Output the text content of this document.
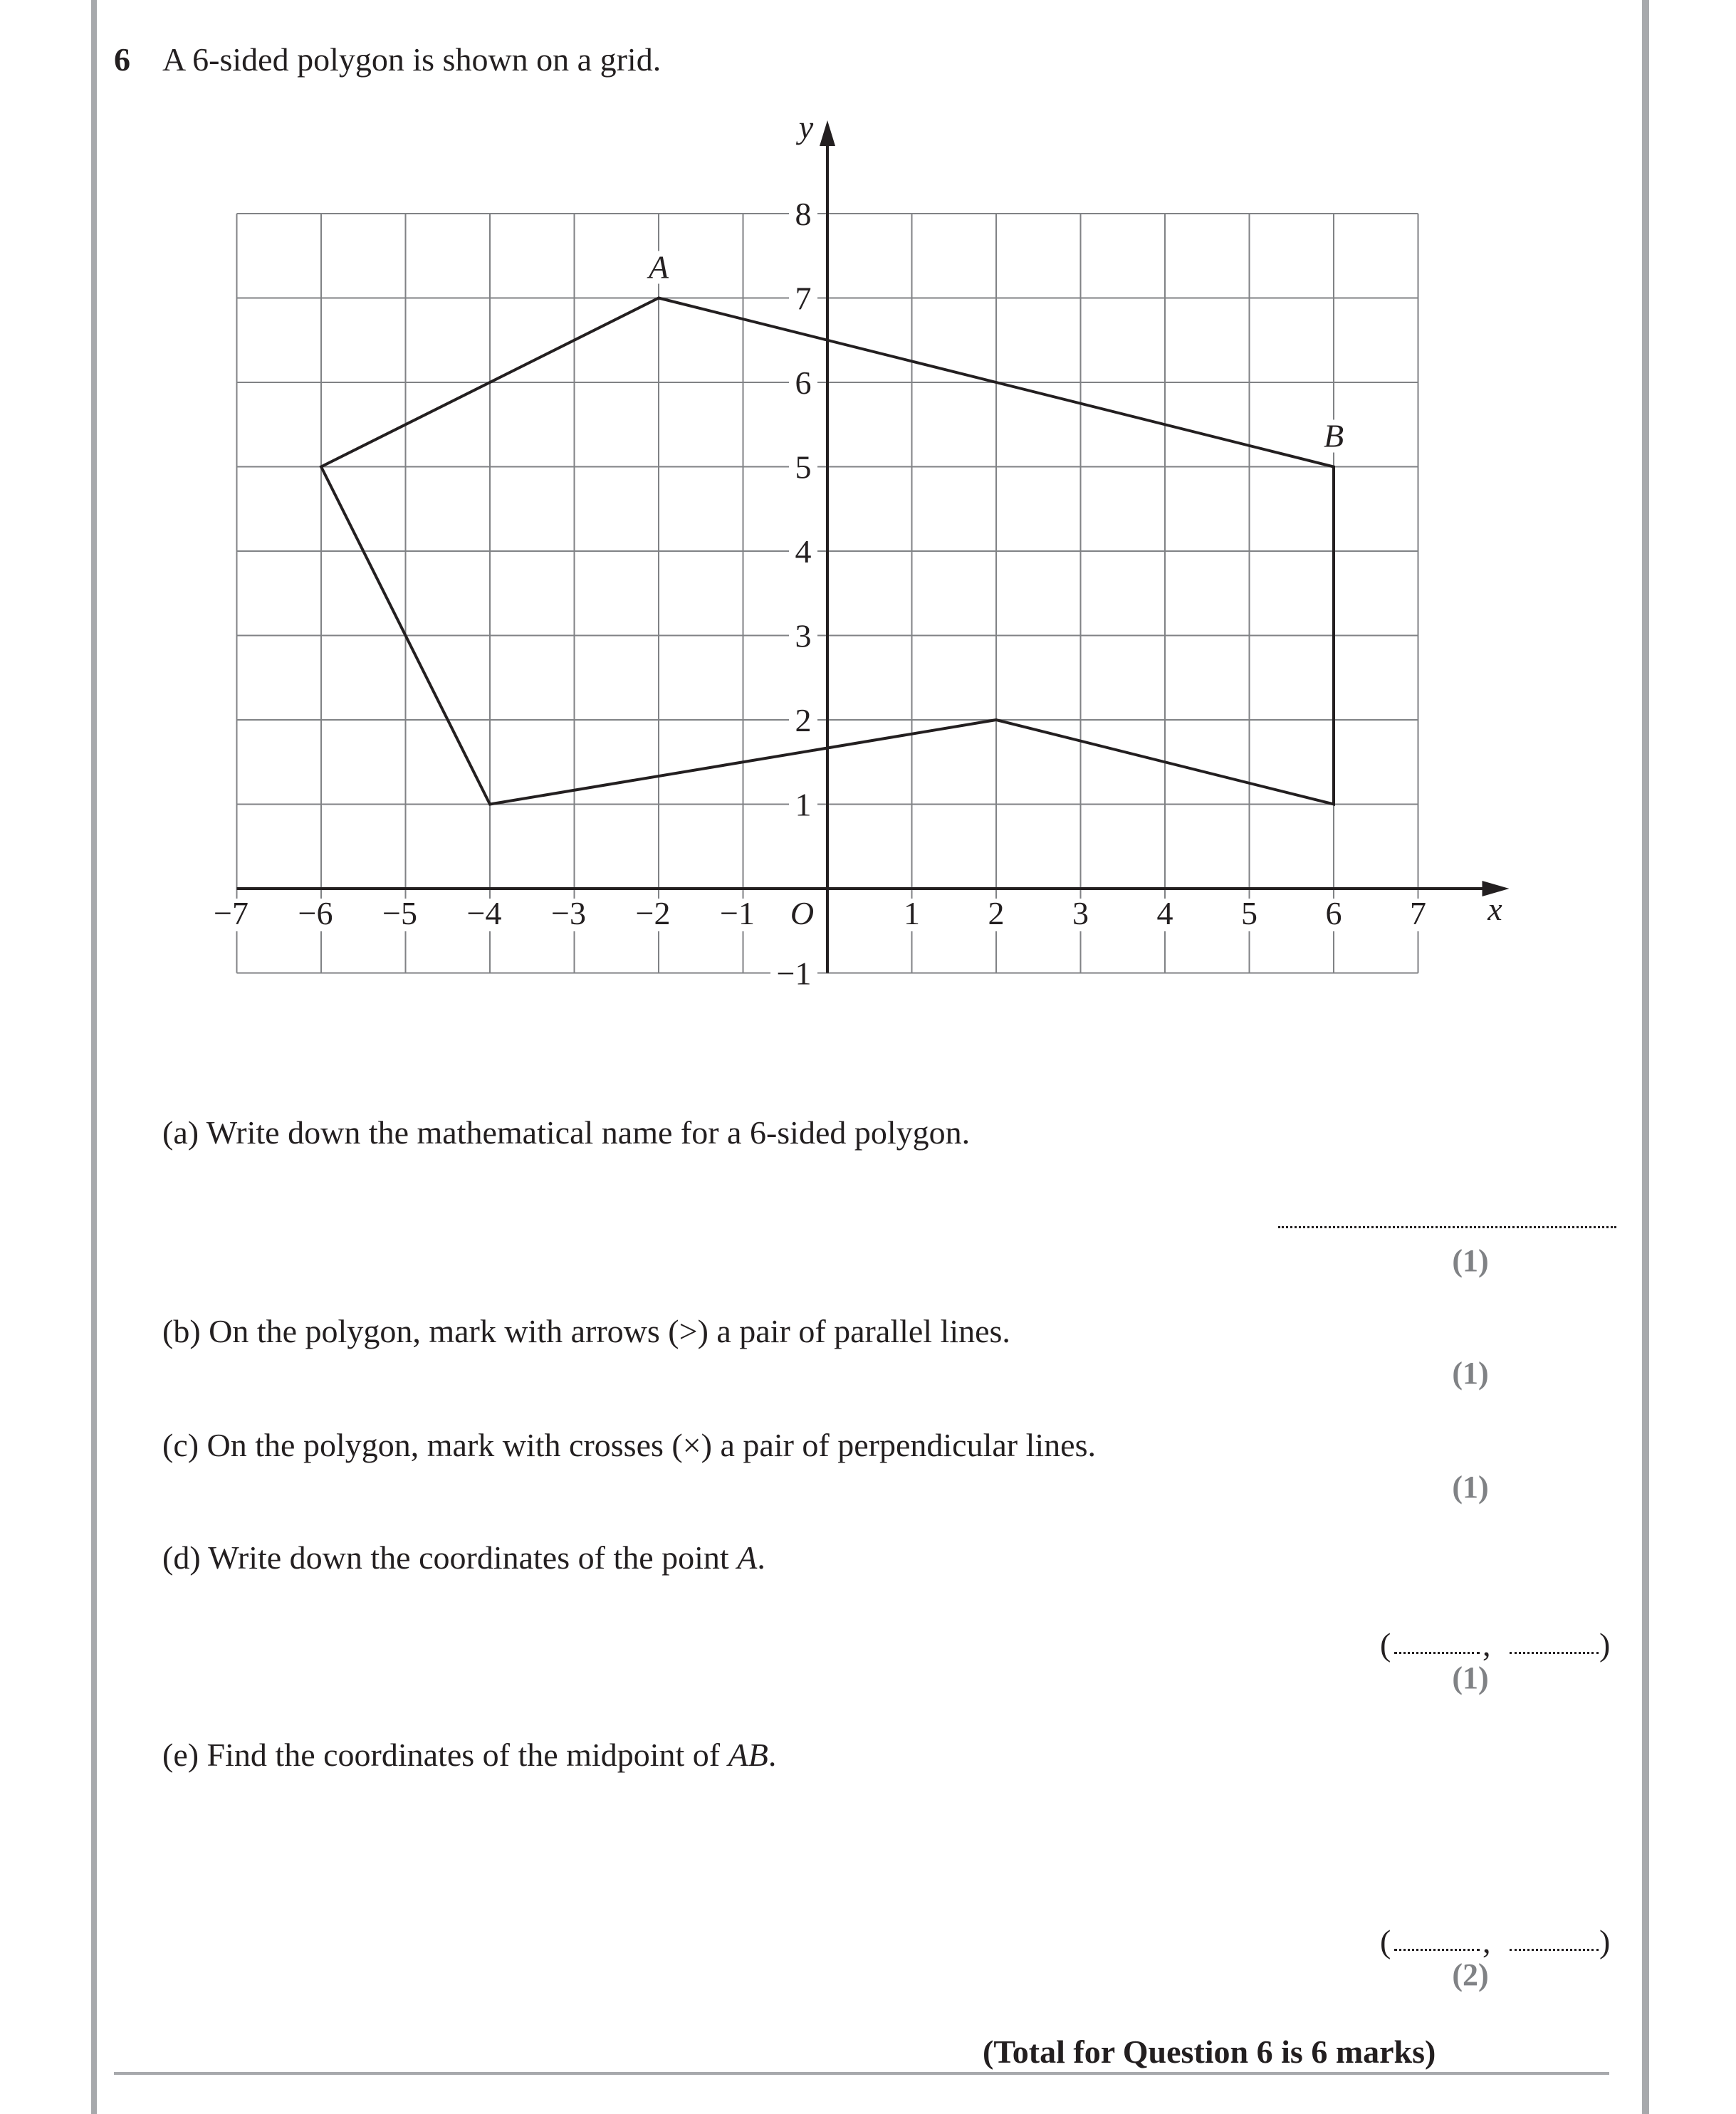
6 A 6-sided polygon is shown on a grid.
−7 −6 −5 −4 −3 −2 −1	1 2 3 4 5 6 7
O
−1
1
2
3
4
5
6
7
8
x
y
A
B
(a) Write down the mathematical name for a 6-sided polygon.
(1)
(b) On the polygon, mark with arrows (>) a pair of parallel lines.
(1)
(c) On the polygon, mark with crosses (×) a pair of perpendicular lines.
(1)
(d) Write down the coordinates of the point A.
(	,	)
(1)
(e) Find the coordinates of the midpoint of AB.
(	,	)
(2)
(Total for Question 6 is 6 marks)
